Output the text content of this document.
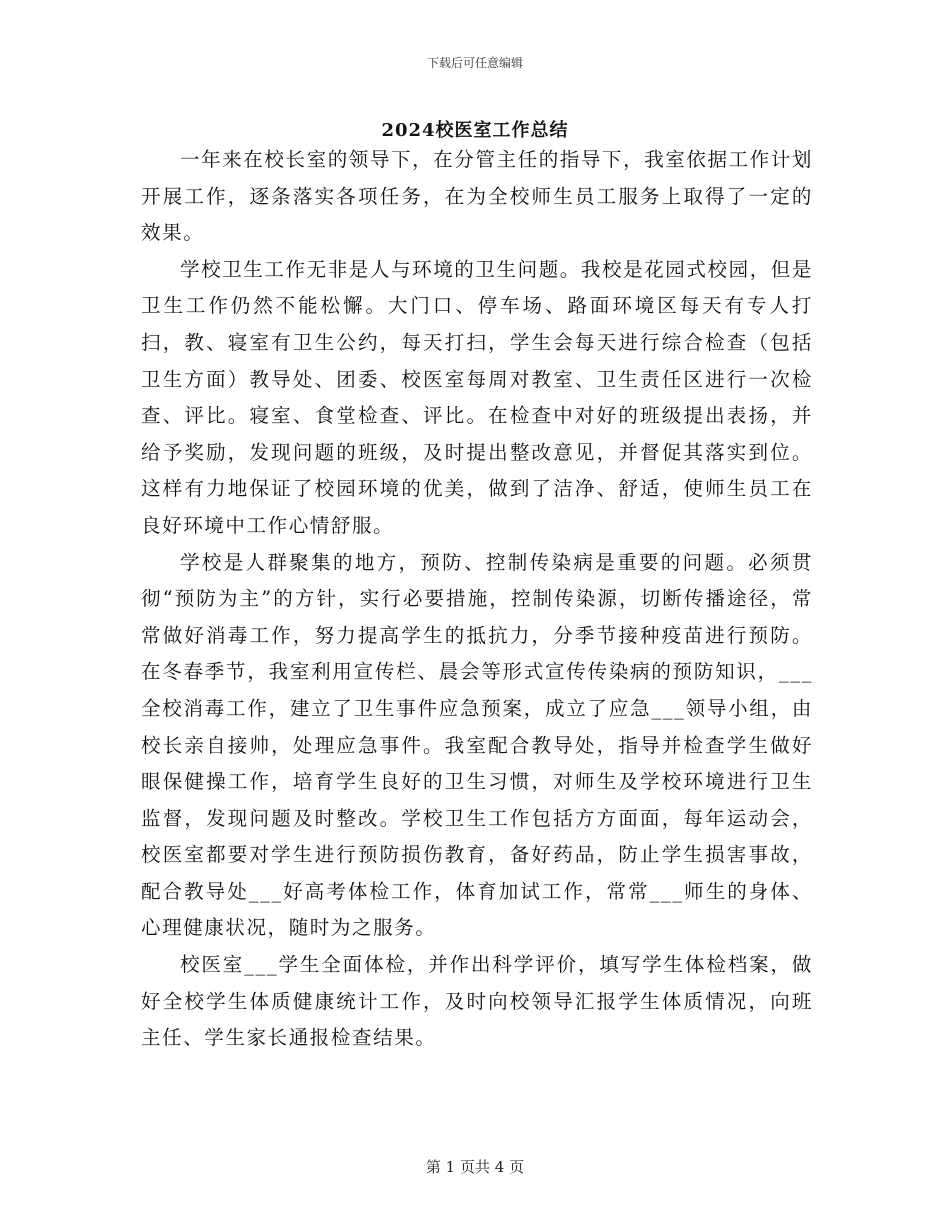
下载后可任意编辑
2024校医室工作总结

一年来在校长室的领导下，在分管主任的指导下，我室依据工作计划开展工作，逐条落实各项任务，在为全校师生员工服务上取得了一定的效果。

学校卫生工作无非是人与环境的卫生问题。我校是花园式校园，但是卫生工作仍然不能松懈。大门口、停车场、路面环境区每天有专人打扫，教、寝室有卫生公约，每天打扫，学生会每天进行综合检查（包括卫生方面）教导处、团委、校医室每周对教室、卫生责任区进行一次检查、评比。寝室、食堂检查、评比。在检查中对好的班级提出表扬，并给予奖励，发现问题的班级，及时提出整改意见，并督促其落实到位。这样有力地保证了校园环境的优美，做到了洁净、舒适，使师生员工在良好环境中工作心情舒服。

学校是人群聚集的地方，预防、控制传染病是重要的问题。必须贯彻“预防为主”的方针，实行必要措施，控制传染源，切断传播途径，常常做好消毒工作，努力提高学生的抵抗力，分季节接种疫苗进行预防。在冬春季节，我室利用宣传栏、晨会等形式宣传传染病的预防知识，___全校消毒工作，建立了卫生事件应急预案，成立了应急___领导小组，由校长亲自接帅，处理应急事件。我室配合教导处，指导并检查学生做好眼保健操工作，培育学生良好的卫生习惯，对师生及学校环境进行卫生监督，发现问题及时整改。学校卫生工作包括方方面面，每年运动会，校医室都要对学生进行预防损伤教育，备好药品，防止学生损害事故，配合教导处___好高考体检工作，体育加试工作，常常___师生的身体、心理健康状况，随时为之服务。

校医室___学生全面体检，并作出科学评价，填写学生体检档案，做好全校学生体质健康统计工作，及时向校领导汇报学生体质情况，向班主任、学生家长通报检查结果。

第 1 页共 4 页
